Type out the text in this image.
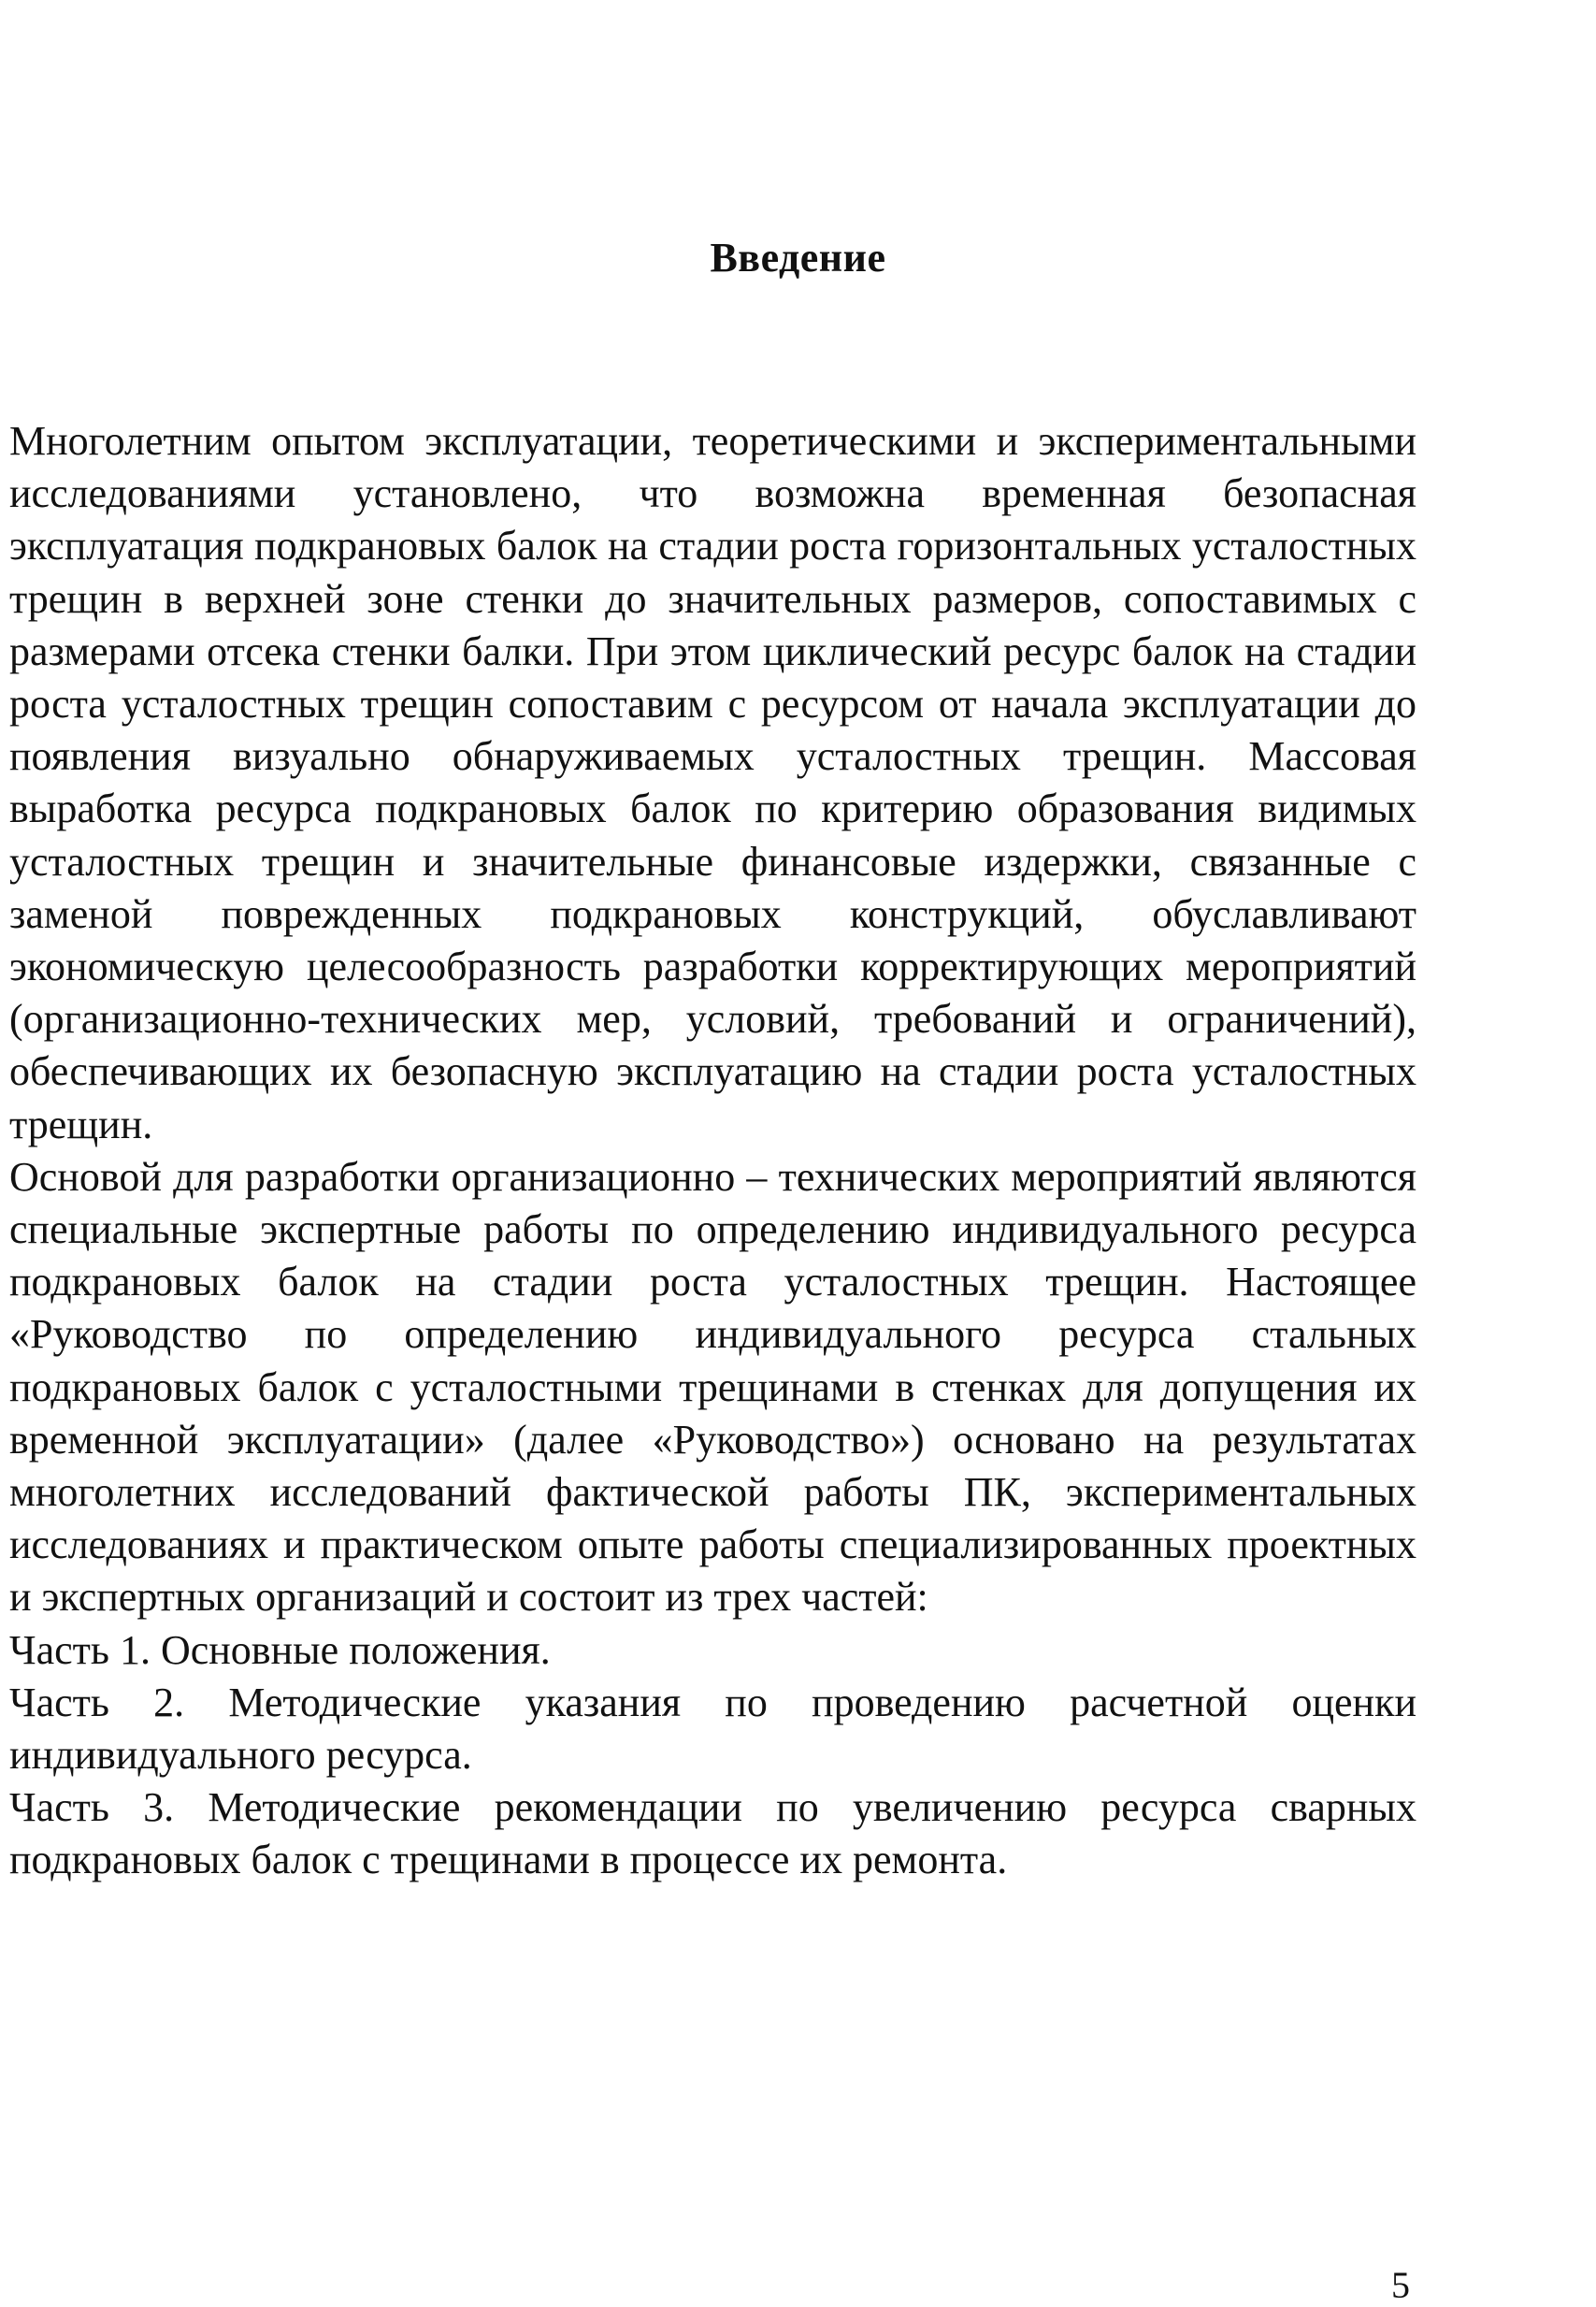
Введение

Многолетним опытом эксплуатации, теоретическими и экспериментальными исследованиями установлено, что возможна временная безопасная эксплуатация подкрановых балок на стадии роста горизонтальных усталостных трещин в верхней зоне стенки до значительных размеров, сопоставимых с размерами отсека стенки балки. При этом циклический ресурс балок на стадии роста усталостных трещин сопоставим с ресурсом от начала эксплуатации до появления визуально обнаруживаемых усталостных трещин. Массовая выработка ресурса подкрановых балок по критерию образования видимых усталостных трещин и значительные финансовые издержки, связанные с заменой поврежденных подкрановых конструкций, обуславливают экономическую целесообразность разработки корректирующих мероприятий (организационно-технических мер, условий, требований и ограничений), обеспечивающих их безопасную эксплуатацию на стадии роста усталостных трещин.

Основой для разработки организационно – технических мероприятий являются специальные экспертные работы по определению индивидуального ресурса подкрановых балок на стадии роста усталостных трещин. Настоящее «Руководство по определению индивидуального ресурса стальных подкрановых балок с усталостными трещинами в стенках для допущения их временной эксплуатации» (далее «Руководство») основано на результатах многолетних исследований фактической работы ПК, экспериментальных исследованиях и практическом опыте работы специализированных проектных и экспертных организаций и состоит из трех частей:

Часть 1. Основные положения.

Часть 2. Методические указания по проведению расчетной оценки индивидуального ресурса.

Часть 3. Методические рекомендации по увеличению ресурса сварных подкрановых балок с трещинами в процессе их ремонта.

5
